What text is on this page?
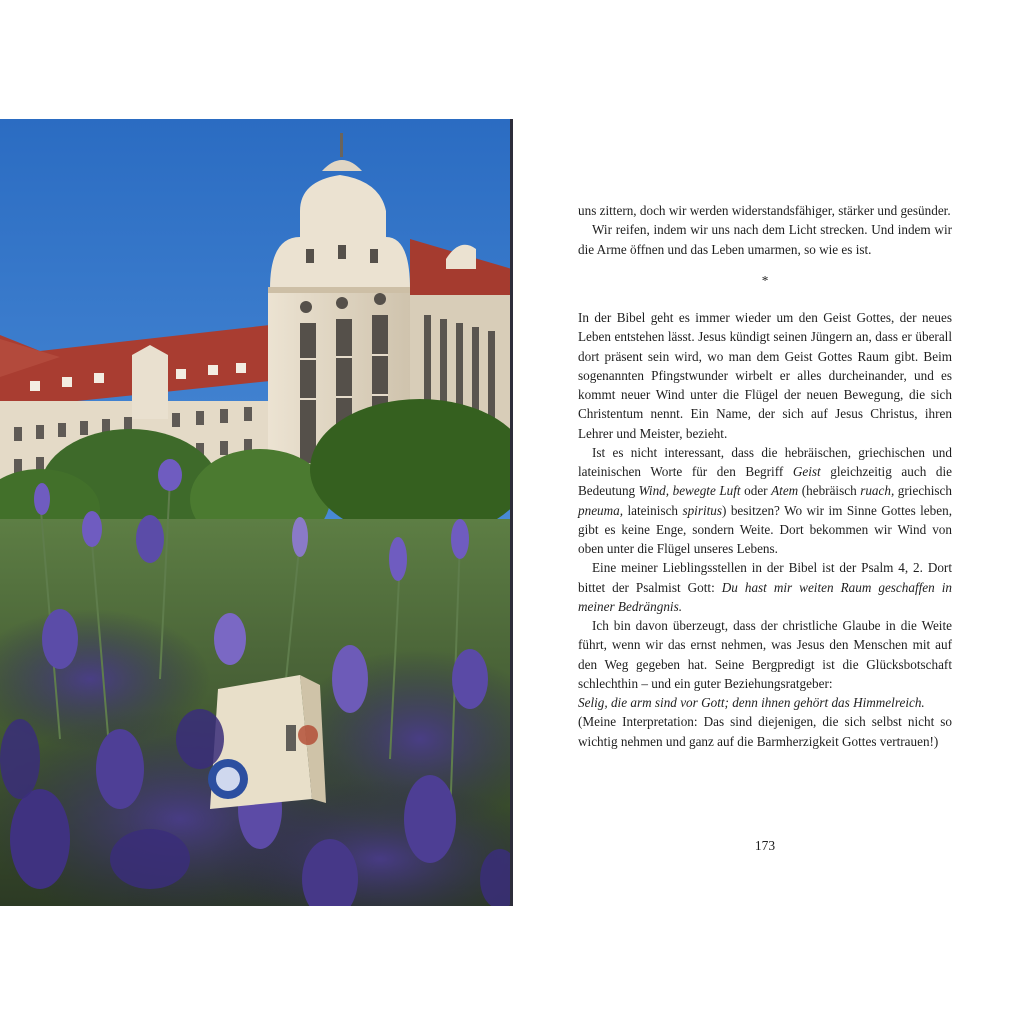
uns zittern, doch wir werden widerstandsfähiger, stärker und gesünder.

Wir reifen, indem wir uns nach dem Licht strecken. Und indem wir die Arme öffnen und das Leben umarmen, so wie es ist.

*

In der Bibel geht es immer wieder um den Geist Gottes, der neues Leben entstehen lässt. Jesus kündigt seinen Jüngern an, dass er überall dort präsent sein wird, wo man dem Geist Gottes Raum gibt. Beim sogenannten Pfingstwunder wirbelt er alles durcheinander, und es kommt neuer Wind unter die Flügel der neuen Bewegung, die sich Christentum nennt. Ein Name, der sich auf Jesus Christus, ihren Lehrer und Meister, bezieht.

Ist es nicht interessant, dass die hebräischen, griechischen und lateinischen Worte für den Begriff Geist gleichzeitig auch die Bedeutung Wind, bewegte Luft oder Atem (hebräisch ruach, griechisch pneuma, lateinisch spiritus) besitzen? Wo wir im Sinne Gottes leben, gibt es keine Enge, sondern Weite. Dort bekommen wir Wind von oben unter die Flügel unseres Lebens.

Eine meiner Lieblingsstellen in der Bibel ist der Psalm 4, 2. Dort bittet der Psalmist Gott: Du hast mir weiten Raum geschaffen in meiner Bedrängnis.

Ich bin davon überzeugt, dass der christliche Glaube in die Weite führt, wenn wir das ernst nehmen, was Jesus den Menschen mit auf den Weg gegeben hat. Seine Bergpredigt ist die Glücksbotschaft schlechthin – und ein guter Beziehungsratgeber:

Selig, die arm sind vor Gott; denn ihnen gehört das Himmelreich.

(Meine Interpretation: Das sind diejenigen, die sich selbst nicht so wichtig nehmen und ganz auf die Barmherzigkeit Gottes vertrauen!)

173
